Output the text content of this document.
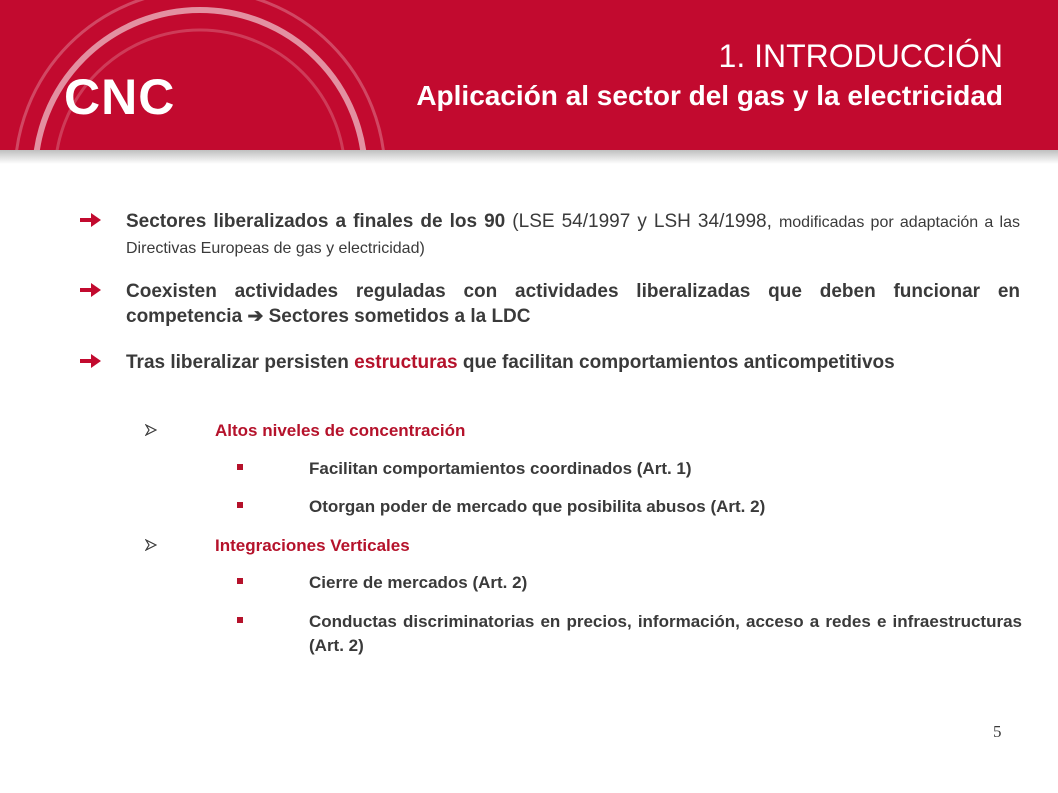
CNC
1. INTRODUCCIÓN
Aplicación al sector del gas y la electricidad
Sectores liberalizados a finales de los 90 (LSE 54/1997 y LSH 34/1998, modificadas por adaptación a las Directivas Europeas de gas y electricidad)
Coexisten actividades reguladas con actividades liberalizadas que deben funcionar en competencia ➔ Sectores sometidos a la LDC
Tras liberalizar persisten estructuras que facilitan comportamientos anticompetitivos
Altos niveles de concentración
Facilitan comportamientos coordinados (Art. 1)
Otorgan poder de mercado que posibilita abusos (Art. 2)
Integraciones Verticales
Cierre de mercados (Art. 2)
Conductas discriminatorias en precios, información, acceso a redes e infraestructuras (Art. 2)
5
